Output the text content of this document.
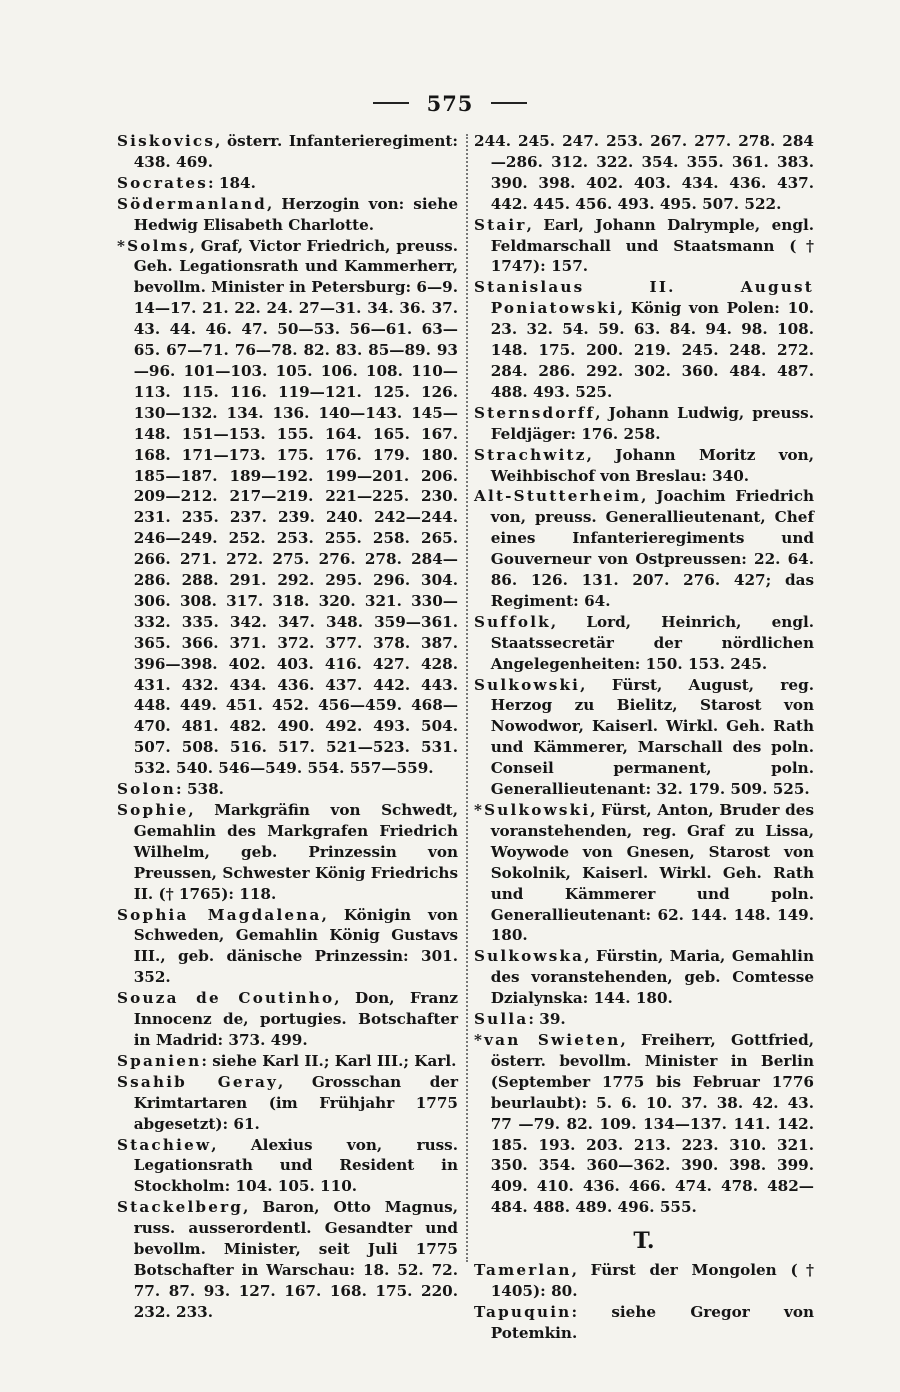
575

Siskovics, österr. Infanterieregiment: 438. 469.

Socrates: 184.

Södermanland, Herzogin von: siehe Hedwig Elisabeth Charlotte.

*Solms, Graf, Victor Friedrich, preuss. Geh. Legationsrath und Kammerherr, bevollm. Minister in Petersburg: 6—9. 14—17. 21. 22. 24. 27—31. 34. 36. 37. 43. 44. 46. 47. 50—53. 56—61. 63—65. 67—71. 76—78. 82. 83. 85—89. 93—96. 101—103. 105. 106. 108. 110—113. 115. 116. 119—121. 125. 126. 130—132. 134. 136. 140—143. 145—148. 151—153. 155. 164. 165. 167. 168. 171—173. 175. 176. 179. 180. 185—187. 189—192. 199—201. 206. 209—212. 217—219. 221—225. 230. 231. 235. 237. 239. 240. 242—244. 246—249. 252. 253. 255. 258. 265. 266. 271. 272. 275. 276. 278. 284—286. 288. 291. 292. 295. 296. 304. 306. 308. 317. 318. 320. 321. 330—332. 335. 342. 347. 348. 359—361. 365. 366. 371. 372. 377. 378. 387. 396—398. 402. 403. 416. 427. 428. 431. 432. 434. 436. 437. 442. 443. 448. 449. 451. 452. 456—459. 468—470. 481. 482. 490. 492. 493. 504. 507. 508. 516. 517. 521—523. 531. 532. 540. 546—549. 554. 557—559.

Solon: 538.

Sophie, Markgräfin von Schwedt, Gemahlin des Markgrafen Friedrich Wilhelm, geb. Prinzessin von Preussen, Schwester König Friedrichs II. († 1765): 118.

Sophia Magdalena, Königin von Schweden, Gemahlin König Gustavs III., geb. dänische Prinzessin: 301. 352.

Souza de Coutinho, Don, Franz Innocenz de, portugies. Botschafter in Madrid: 373. 499.

Spanien: siehe Karl II.; Karl III.; Karl.

Ssahib Geray, Grosschan der Krimtartaren (im Frühjahr 1775 abgesetzt): 61.

Stachiew, Alexius von, russ. Legationsrath und Resident in Stockholm: 104. 105. 110.

Stackelberg, Baron, Otto Magnus, russ. ausserordentl. Gesandter und bevollm. Minister, seit Juli 1775 Botschafter in Warschau: 18. 52. 72. 77. 87. 93. 127. 167. 168. 175. 220. 232. 233.

244. 245. 247. 253. 267. 277. 278. 284—286. 312. 322. 354. 355. 361. 383. 390. 398. 402. 403. 434. 436. 437. 442. 445. 456. 493. 495. 507. 522.

Stair, Earl, Johann Dalrymple, engl. Feldmarschall und Staatsmann († 1747): 157.

Stanislaus II. August Poniatowski, König von Polen: 10. 23. 32. 54. 59. 63. 84. 94. 98. 108. 148. 175. 200. 219. 245. 248. 272. 284. 286. 292. 302. 360. 484. 487. 488. 493. 525.

Sternsdorff, Johann Ludwig, preuss. Feldjäger: 176. 258.

Strachwitz, Johann Moritz von, Weihbischof von Breslau: 340.

Alt-Stutterheim, Joachim Friedrich von, preuss. Generallieutenant, Chef eines Infanterieregiments und Gouverneur von Ostpreussen: 22. 64. 86. 126. 131. 207. 276. 427; das Regiment: 64.

Suffolk, Lord, Heinrich, engl. Staatssecretär der nördlichen Angelegenheiten: 150. 153. 245.

Sulkowski, Fürst, August, reg. Herzog zu Bielitz, Starost von Nowodwor, Kaiserl. Wirkl. Geh. Rath und Kämmerer, Marschall des poln. Conseil permanent, poln. Generallieutenant: 32. 179. 509. 525.

*Sulkowski, Fürst, Anton, Bruder des voranstehenden, reg. Graf zu Lissa, Woywode von Gnesen, Starost von Sokolnik, Kaiserl. Wirkl. Geh. Rath und Kämmerer und poln. Generallieutenant: 62. 144. 148. 149. 180.

Sulkowska, Fürstin, Maria, Gemahlin des voranstehenden, geb. Comtesse Dzialynska: 144. 180.

Sulla: 39.

*van Swieten, Freiherr, Gottfried, österr. bevollm. Minister in Berlin (September 1775 bis Februar 1776 beurlaubt): 5. 6. 10. 37. 38. 42. 43. 77 —79. 82. 109. 134—137. 141. 142. 185. 193. 203. 213. 223. 310. 321. 350. 354. 360—362. 390. 398. 399. 409. 410. 436. 466. 474. 478. 482— 484. 488. 489. 496. 555.

T.

Tamerlan, Fürst der Mongolen († 1405): 80.

Tapuquin: siehe Gregor von Potemkin.
